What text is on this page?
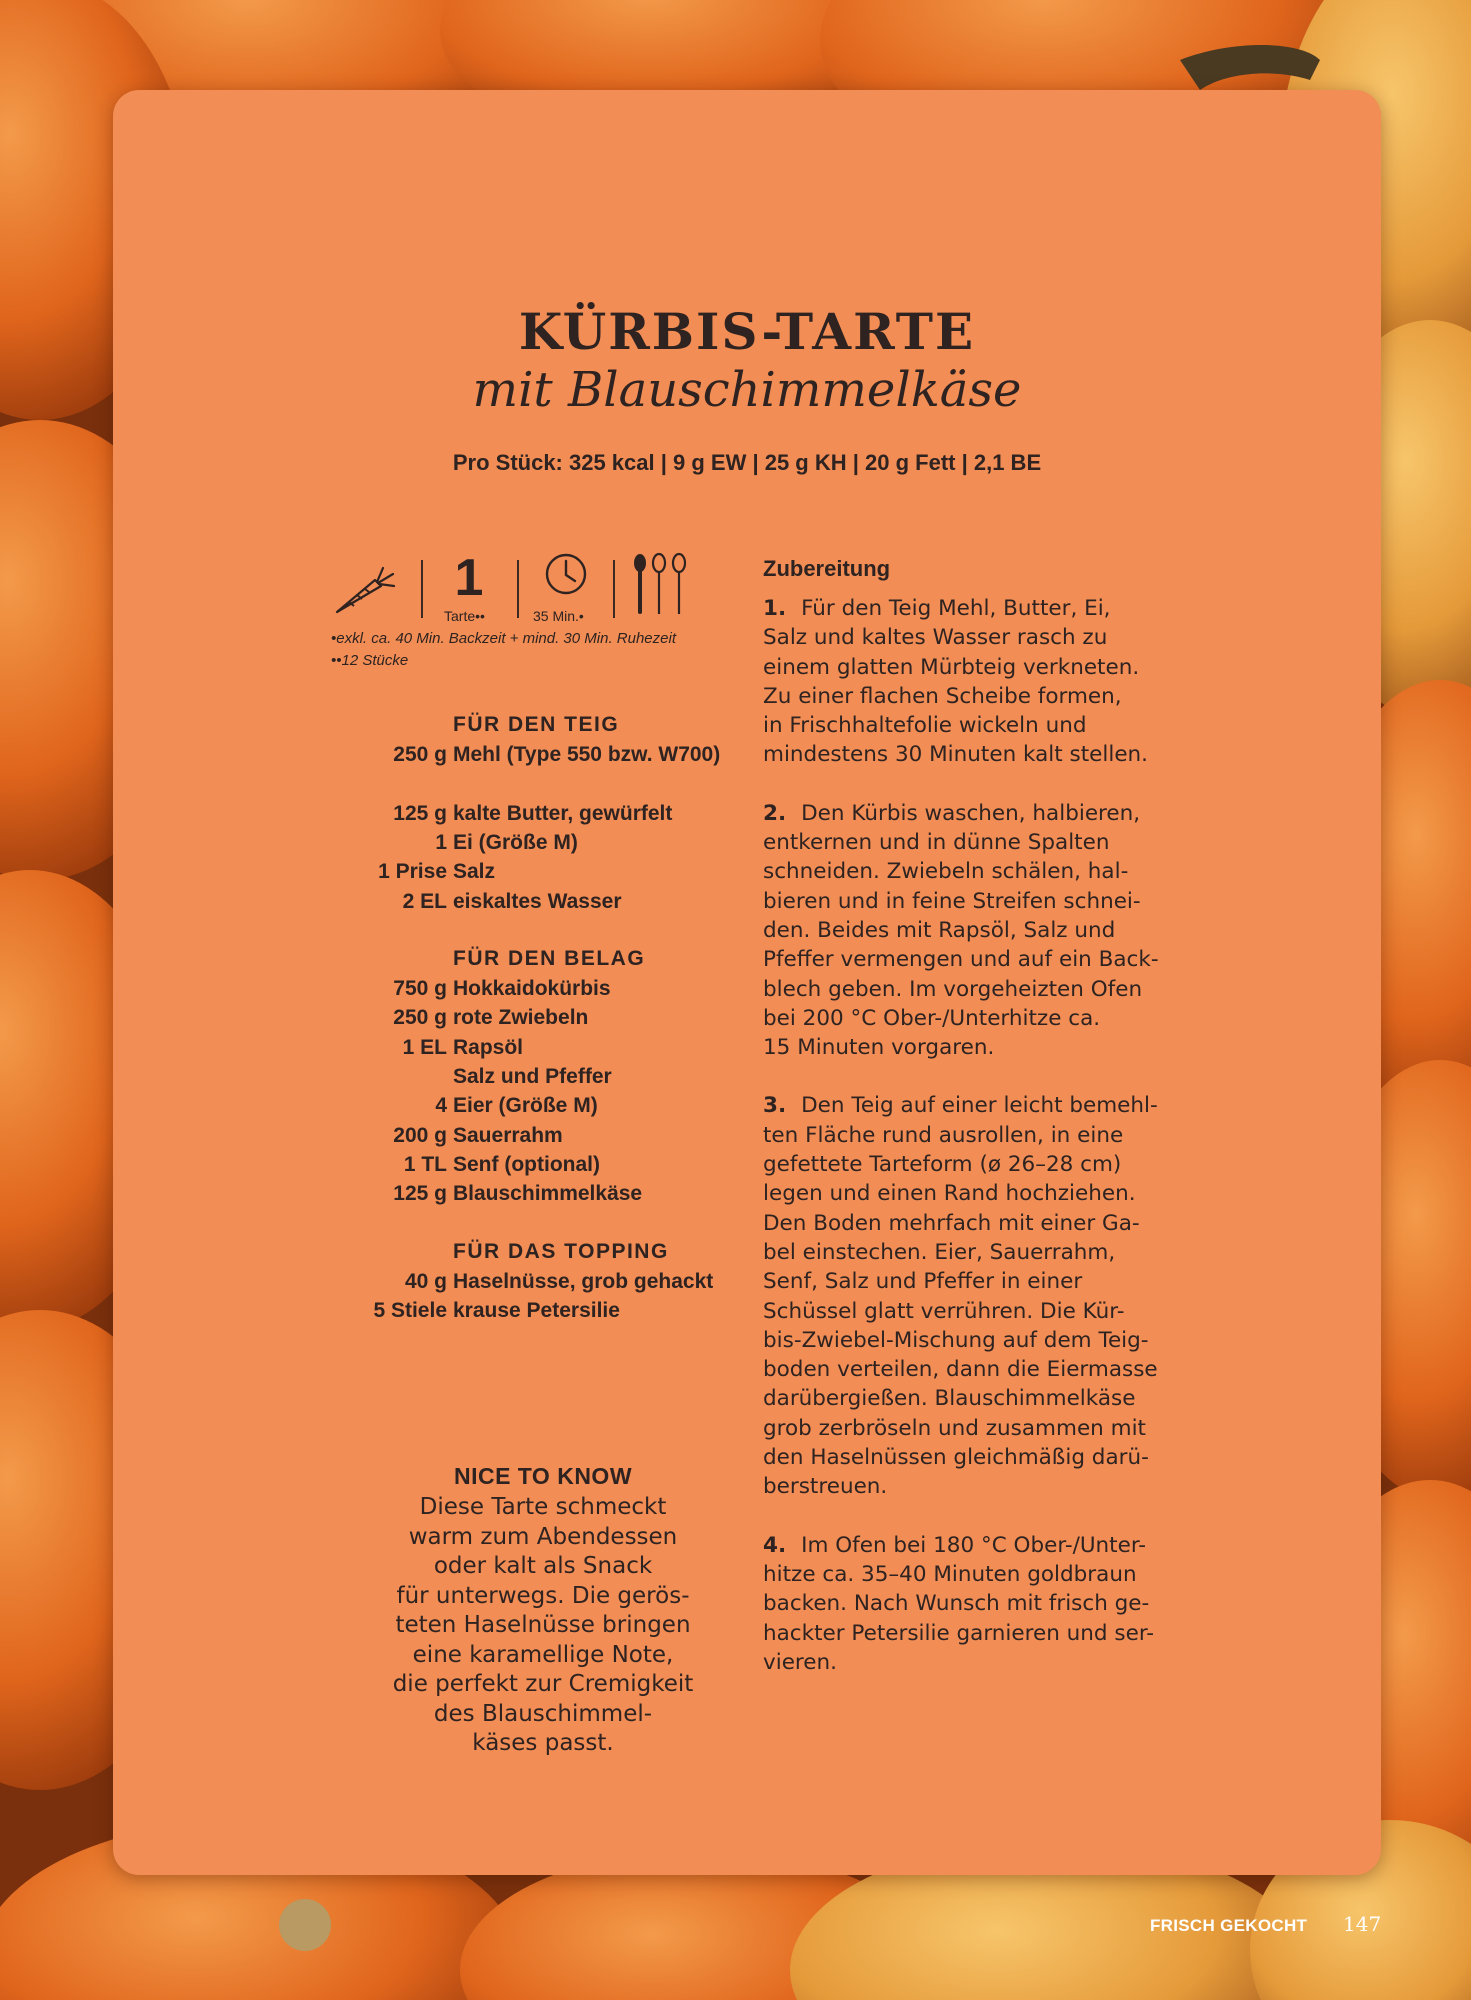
KÜRBIS-TARTE
mit Blauschimmelkäse
Pro Stück: 325 kcal | 9 g EW | 25 g KH | 20 g Fett | 2,1 BE
1
Tarte••	35 Min.•
•exkl. ca. 40 Min. Backzeit + mind. 30 Min. Ruhezeit
••12 Stücke
FÜR DEN TEIG
250 g Mehl (Type 550 bzw. W700)
125 g kalte Butter, gewürfelt
1 Ei (Größe M)
1 Prise Salz
2 EL eiskaltes Wasser
FÜR DEN BELAG
750 g Hokkaidokürbis
250 g rote Zwiebeln
1 EL Rapsöl
Salz und Pfeffer
4 Eier (Größe M)
200 g Sauerrahm
1 TL Senf (optional)
125 g Blauschimmelkäse
FÜR DAS TOPPING
40 g Haselnüsse, grob gehackt
5 Stiele krause Petersilie
NICE TO KNOW
Diese Tarte schmeckt
warm zum Abendessen
oder kalt als Snack
für unterwegs. Die gerös-
teten Haselnüsse bringen
eine karamellige Note,
die perfekt zur Cremigkeit
des Blauschimmel-
käses passt.
Zubereitung
1.  Für den Teig Mehl, Butter, Ei,
Salz und kaltes Wasser rasch zu
einem glatten Mürbteig verkneten.
Zu einer flachen Scheibe formen,
in Frischhaltefolie wickeln und
mindestens 30 Minuten kalt stellen.
2.  Den Kürbis waschen, halbieren,
entkernen und in dünne Spalten
schneiden. Zwiebeln schälen, hal-
bieren und in feine Streifen schnei-
den. Beides mit Rapsöl, Salz und
Pfeffer vermengen und auf ein Back-
blech geben. Im vorgeheizten Ofen
bei 200 °C Ober-/Unterhitze ca.
15 Minuten vorgaren.
3.  Den Teig auf einer leicht bemehl-
ten Fläche rund ausrollen, in eine
gefettete Tarteform (ø 26–28 cm)
legen und einen Rand hochziehen.
Den Boden mehrfach mit einer Ga-
bel einstechen. Eier, Sauerrahm,
Senf, Salz und Pfeffer in einer
Schüssel glatt verrühren. Die Kür-
bis-Zwiebel-Mischung auf dem Teig-
boden verteilen, dann die Eiermasse
darübergießen. Blauschimmelkäse
grob zerbröseln und zusammen mit
den Haselnüssen gleichmäßig darü-
berstreuen.
4.  Im Ofen bei 180 °C Ober-/Unter-
hitze ca. 35–40 Minuten goldbraun
backen. Nach Wunsch mit frisch ge-
hackter Petersilie garnieren und ser-
vieren.
FRISCH GEKOCHT 147
